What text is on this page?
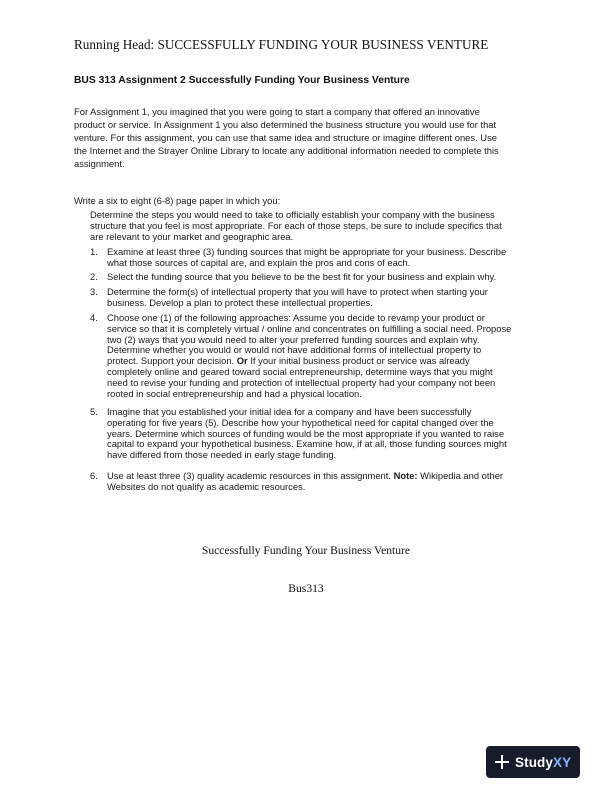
Running Head: SUCCESSFULLY FUNDING YOUR BUSINESS VENTURE
BUS 313 Assignment 2 Successfully Funding Your Business Venture

For Assignment 1, you imagined that you were going to start a company that offered an innovative
product or service. In Assignment 1 you also determined the business structure you would use for that
venture. For this assignment, you can use that same idea and structure or imagine different ones. Use
the Internet and the Strayer Online Library to locate any additional information needed to complete this
assignment.

Write a six to eight (6-8) page paper in which you:

Determine the steps you would need to take to officially establish your company with the business
structure that you feel is most appropriate. For each of those steps, be sure to include specifics that
are relevant to your market and geographic area.
1. Examine at least three (3) funding sources that might be appropriate for your business. Describe
what those sources of capital are, and explain the pros and cons of each.
2. Select the funding source that you believe to be the best fit for your business and explain why.
3. Determine the form(s) of intellectual property that you will have to protect when starting your
business. Develop a plan to protect these intellectual properties.
4. Choose one (1) of the following approaches: Assume you decide to revamp your product or
service so that it is completely virtual / online and concentrates on fulfilling a social need. Propose
two (2) ways that you would need to alter your preferred funding sources and explain why.
Determine whether you would or would not have additional forms of intellectual property to
protect. Support your decision. Or If your initial business product or service was already
completely online and geared toward social entrepreneurship, determine ways that you might
need to revise your funding and protection of intellectual property had your company not been
rooted in social entrepreneurship and had a physical location.
5. Imagine that you established your initial idea for a company and have been successfully
operating for five years (5). Describe how your hypothetical need for capital changed over the
years. Determine which sources of funding would be the most appropriate if you wanted to raise
capital to expand your hypothetical business. Examine how, if at all, those funding sources might
have differed from those needed in early stage funding.
6. Use at least three (3) quality academic resources in this assignment. Note: Wikipedia and other
Websites do not qualify as academic resources.
Successfully Funding Your Business Venture
Bus313
StudyXY
